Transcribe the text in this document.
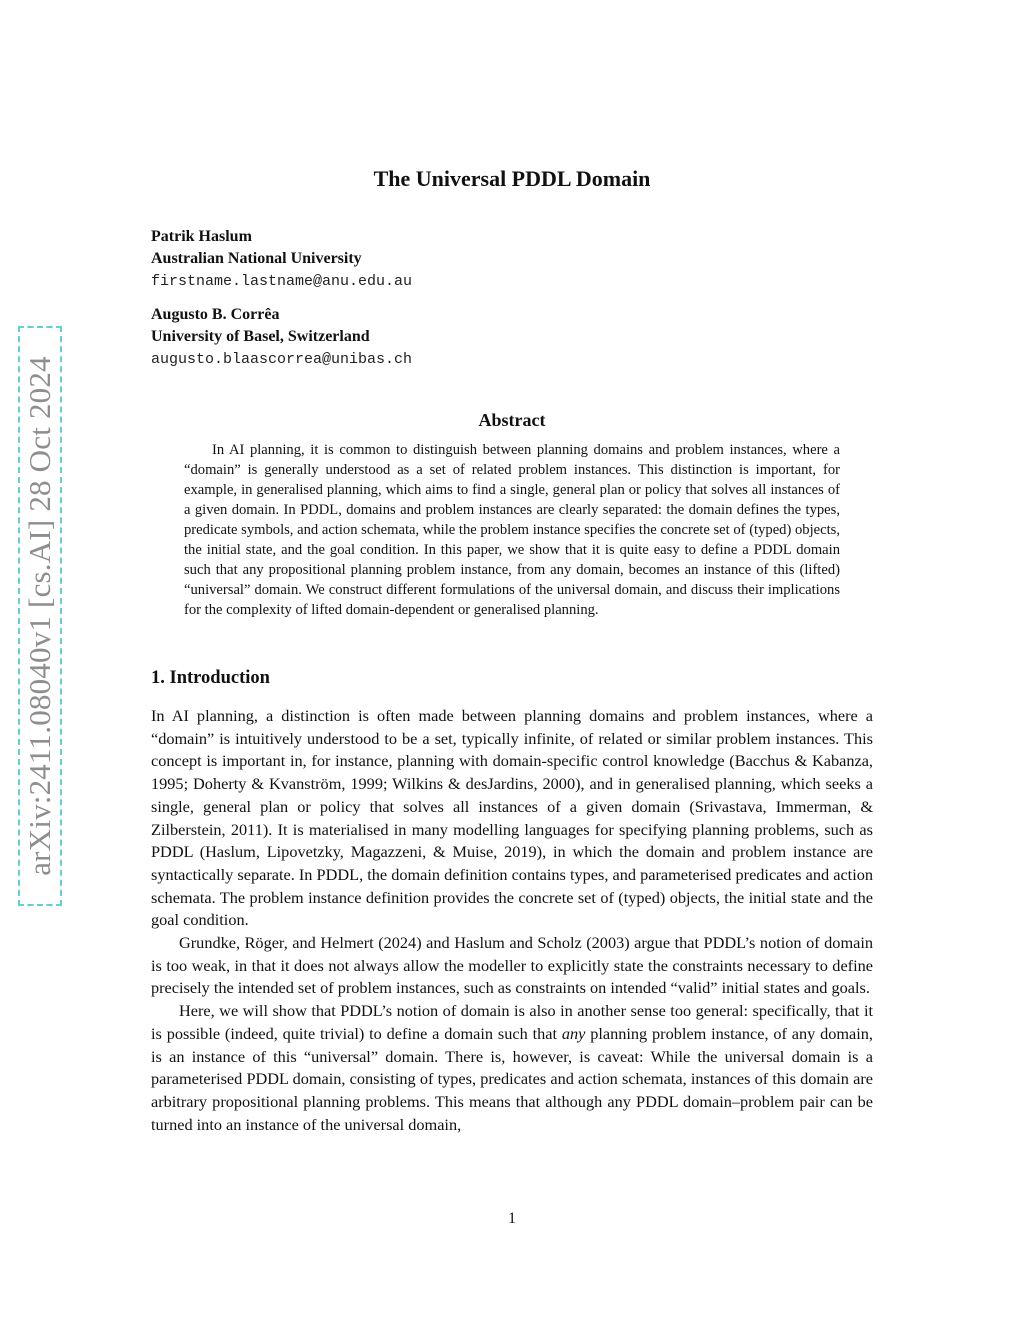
arXiv:2411.08040v1 [cs.AI] 28 Oct 2024
The Universal PDDL Domain
Patrik Haslum
Australian National University
firstname.lastname@anu.edu.au
Augusto B. Corrêa
University of Basel, Switzerland
augusto.blaascorrea@unibas.ch
Abstract

In AI planning, it is common to distinguish between planning domains and problem instances, where a “domain” is generally understood as a set of related problem instances. This distinction is important, for example, in generalised planning, which aims to find a single, general plan or policy that solves all instances of a given domain. In PDDL, domains and problem instances are clearly separated: the domain defines the types, predicate symbols, and action schemata, while the problem instance specifies the concrete set of (typed) objects, the initial state, and the goal condition. In this paper, we show that it is quite easy to define a PDDL domain such that any propositional planning problem instance, from any domain, becomes an instance of this (lifted) “universal” domain. We construct different formulations of the universal domain, and discuss their implications for the complexity of lifted domain-dependent or generalised planning.

1. Introduction

In AI planning, a distinction is often made between planning domains and problem instances, where a “domain” is intuitively understood to be a set, typically infinite, of related or similar problem instances. This concept is important in, for instance, planning with domain-specific control knowledge (Bacchus & Kabanza, 1995; Doherty & Kvanström, 1999; Wilkins & desJardins, 2000), and in generalised planning, which seeks a single, general plan or policy that solves all instances of a given domain (Srivastava, Immerman, & Zilberstein, 2011). It is materialised in many modelling languages for specifying planning problems, such as PDDL (Haslum, Lipovetzky, Magazzeni, & Muise, 2019), in which the domain and problem instance are syntactically separate. In PDDL, the domain definition contains types, and parameterised predicates and action schemata. The problem instance definition provides the concrete set of (typed) objects, the initial state and the goal condition.

Grundke, Röger, and Helmert (2024) and Haslum and Scholz (2003) argue that PDDL’s notion of domain is too weak, in that it does not always allow the modeller to explicitly state the constraints necessary to define precisely the intended set of problem instances, such as constraints on intended “valid” initial states and goals.

Here, we will show that PDDL’s notion of domain is also in another sense too general: specifically, that it is possible (indeed, quite trivial) to define a domain such that any planning problem instance, of any domain, is an instance of this “universal” domain. There is, however, is caveat: While the universal domain is a parameterised PDDL domain, consisting of types, predicates and action schemata, instances of this domain are arbitrary propositional planning problems. This means that although any PDDL domain–problem pair can be turned into an instance of the universal domain,

1
